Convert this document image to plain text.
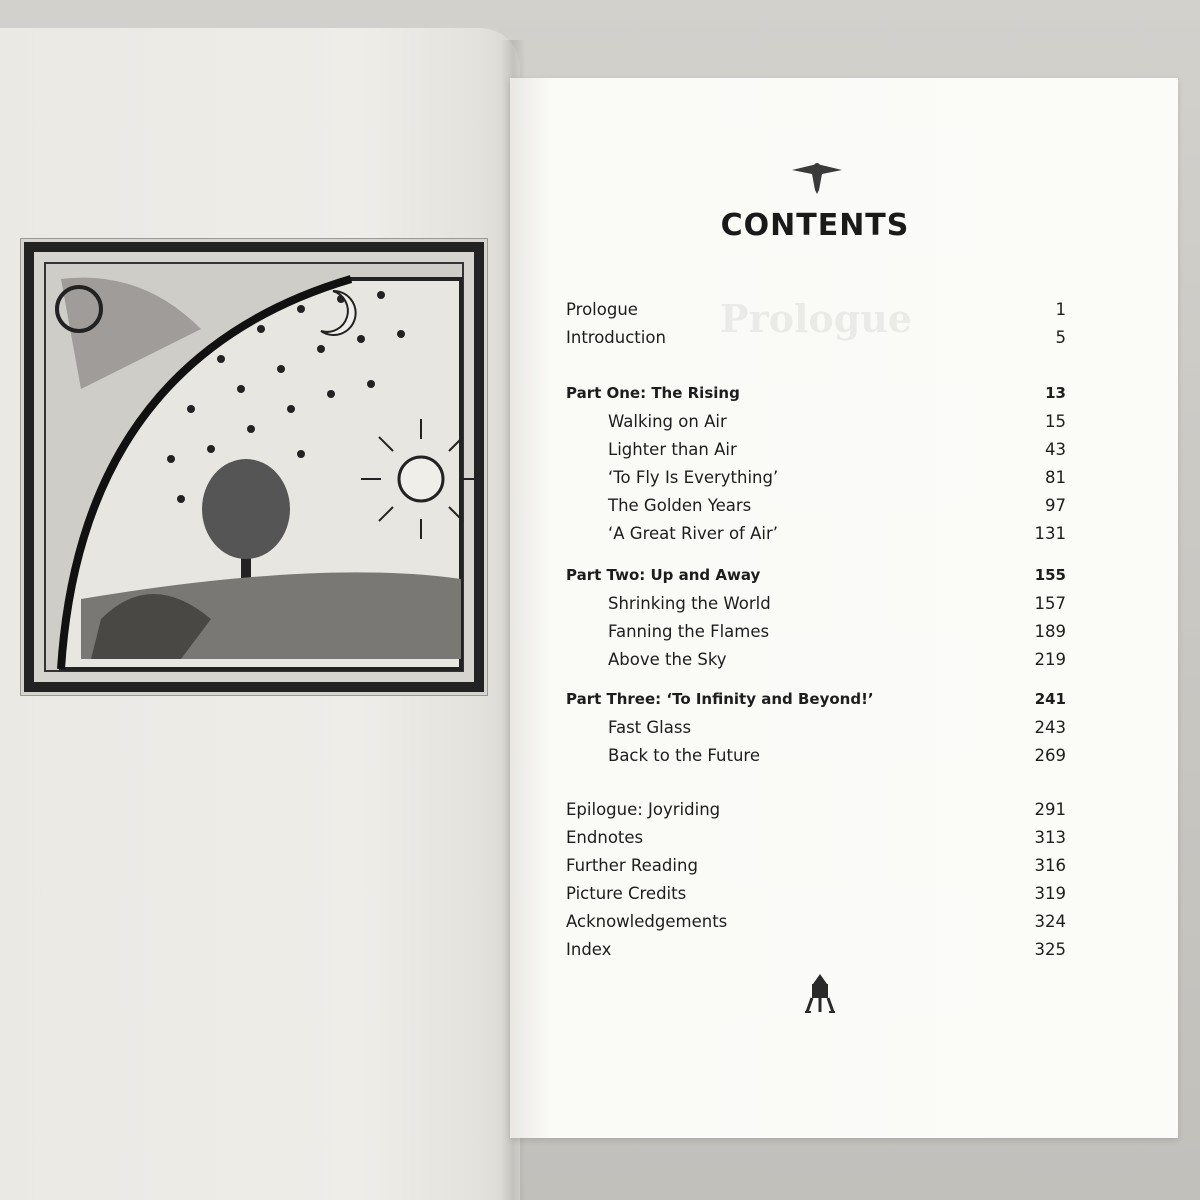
Prologue
CONTENTS
Prologue	1
Introduction	5
Part One: The Rising	13
Walking on Air	15
Lighter than Air	43
‘To Fly Is Everything’	81
The Golden Years	97
‘A Great River of Air’	131
Part Two: Up and Away	155
Shrinking the World	157
Fanning the Flames	189
Above the Sky	219
Part Three: ‘To Infinity and Beyond!’	241
Fast Glass	243
Back to the Future	269
Epilogue: Joyriding	291
Endnotes	313
Further Reading	316
Picture Credits	319
Acknowledgements	324
Index	325
